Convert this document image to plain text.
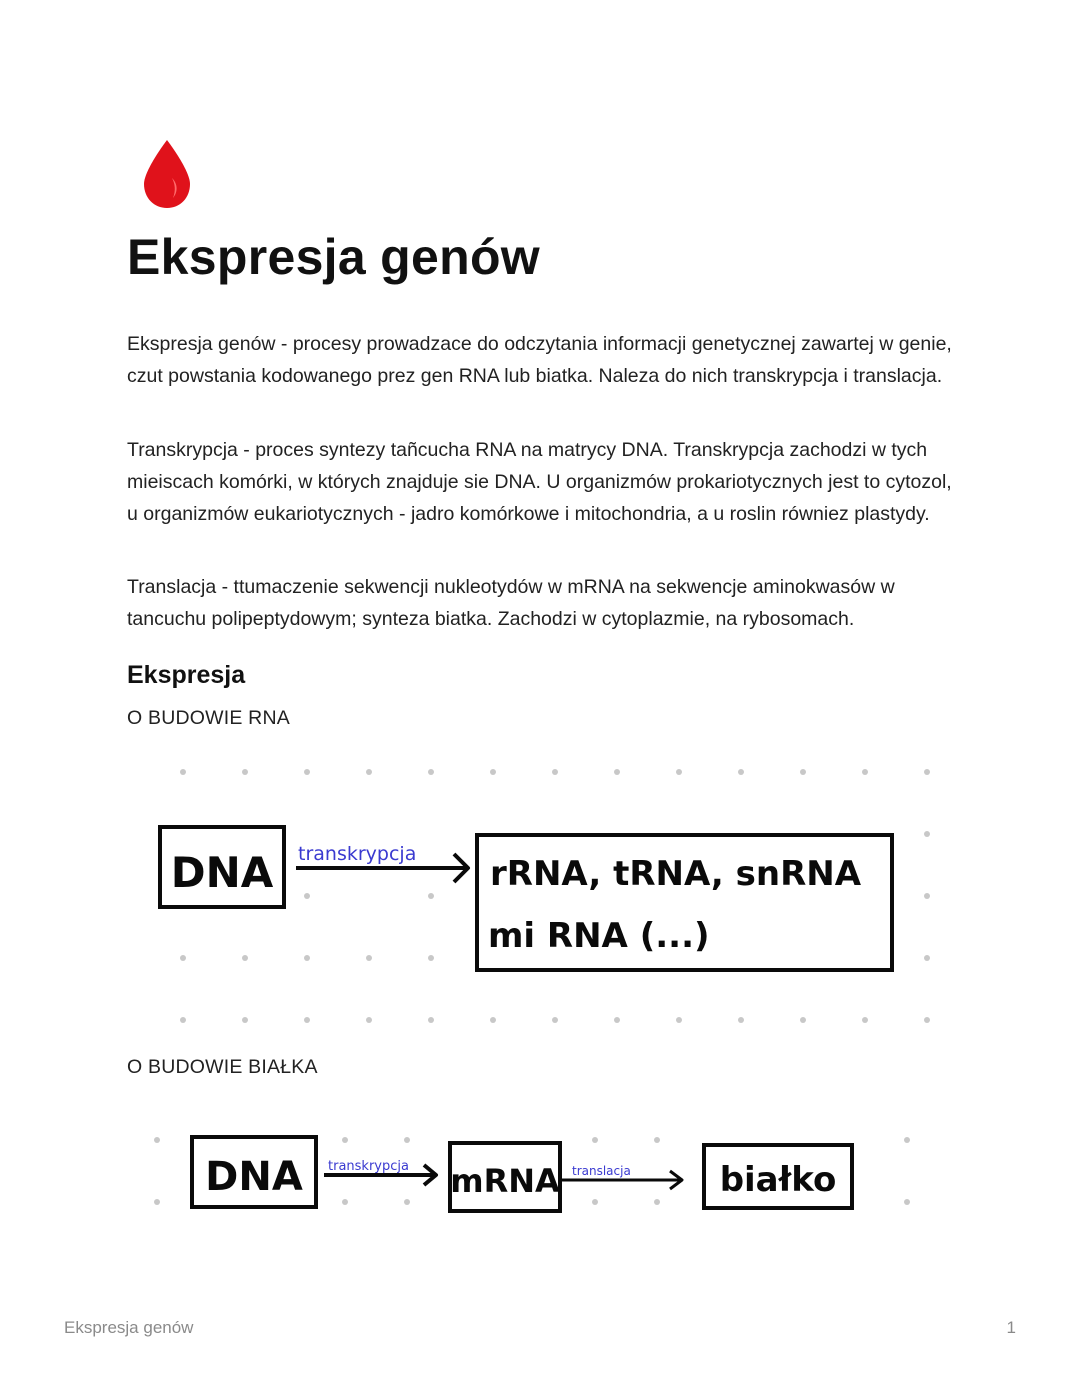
Ekspresja genów

Ekspresja genów - procesy prowadzace do odczytania informacji genetycznej zawartej w genie, czut powstania kodowanego prez gen RNA lub biatka. Naleza do nich transkrypcja i translacja.

Transkrypcja - proces syntezy tañcucha RNA na matrycy DNA. Transkrypcja zachodzi w tych mieiscach komórki, w których znajduje sie DNA. U organizmów prokariotycznych jest to cytozol, u organizmów eukariotycznych - jadro komórkowe i mitochondria, a u roslin równiez plastydy.

Translacja - ttumaczenie sekwencji nukleotydów w mRNA na sekwencje aminokwasów w tancuchu polipeptydowym; synteza biatka. Zachodzi w cytoplazmie, na rybosomach.

Ekspresja

O BUDOWIE RNA

DNA transkrypcja rRNA, tRNA, snRNA
mi RNA (...)

O BUDOWIE BIAŁKA

DNA transkrypcja mRNA translacja	białko

Ekspresja genów	1
